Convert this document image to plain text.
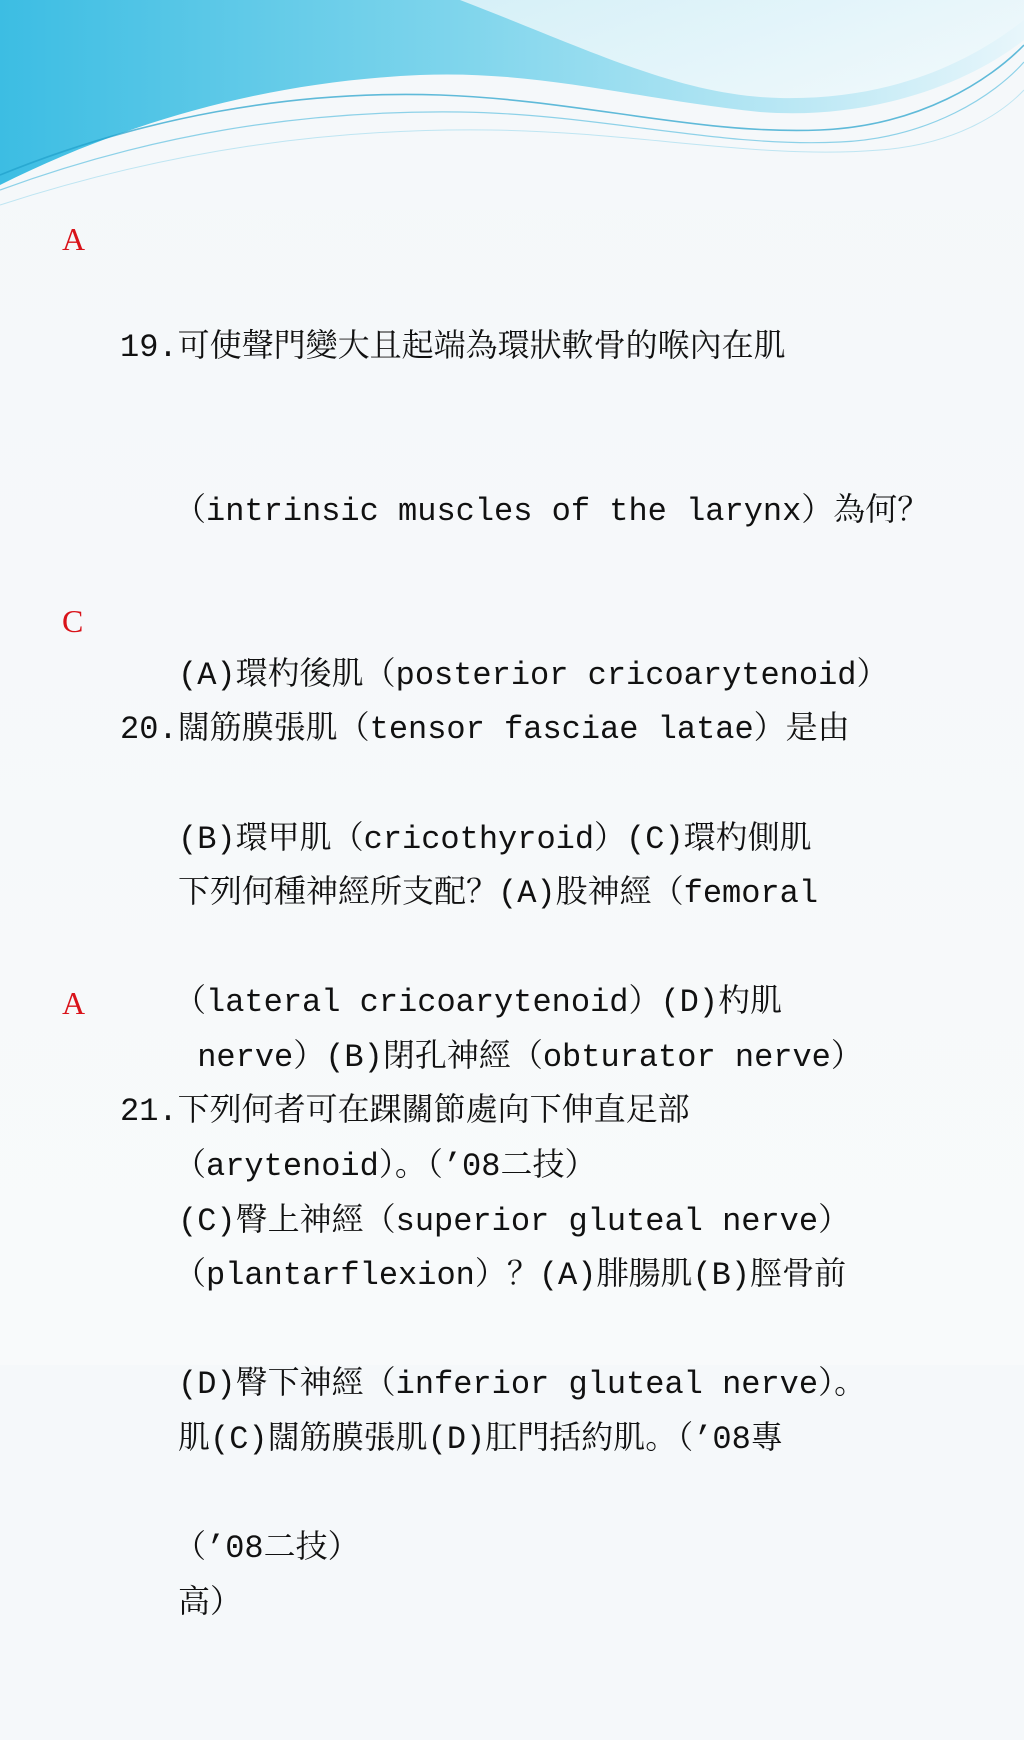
A

19.可使聲門變大且起端為環狀軟骨的喉內在肌

（intrinsic muscles of the larynx）為何？

(A)環杓後肌（posterior cricoarytenoid）

(B)環甲肌（cricothyroid）(C)環杓側肌

（lateral cricoarytenoid）(D)杓肌

（arytenoid）。（’08二技）

C

20.闊筋膜張肌（tensor fasciae latae）是由

下列何種神經所支配？(A)股神經（femoral

nerve）(B)閉孔神經（obturator nerve）

(C)臀上神經（superior gluteal nerve）

(D)臀下神經（inferior gluteal nerve）。

（’08二技）

A

21.下列何者可在踝關節處向下伸直足部

（plantarflexion）？(A)腓腸肌(B)脛骨前

肌(C)闊筋膜張肌(D)肛門括約肌。（’08專

高）
